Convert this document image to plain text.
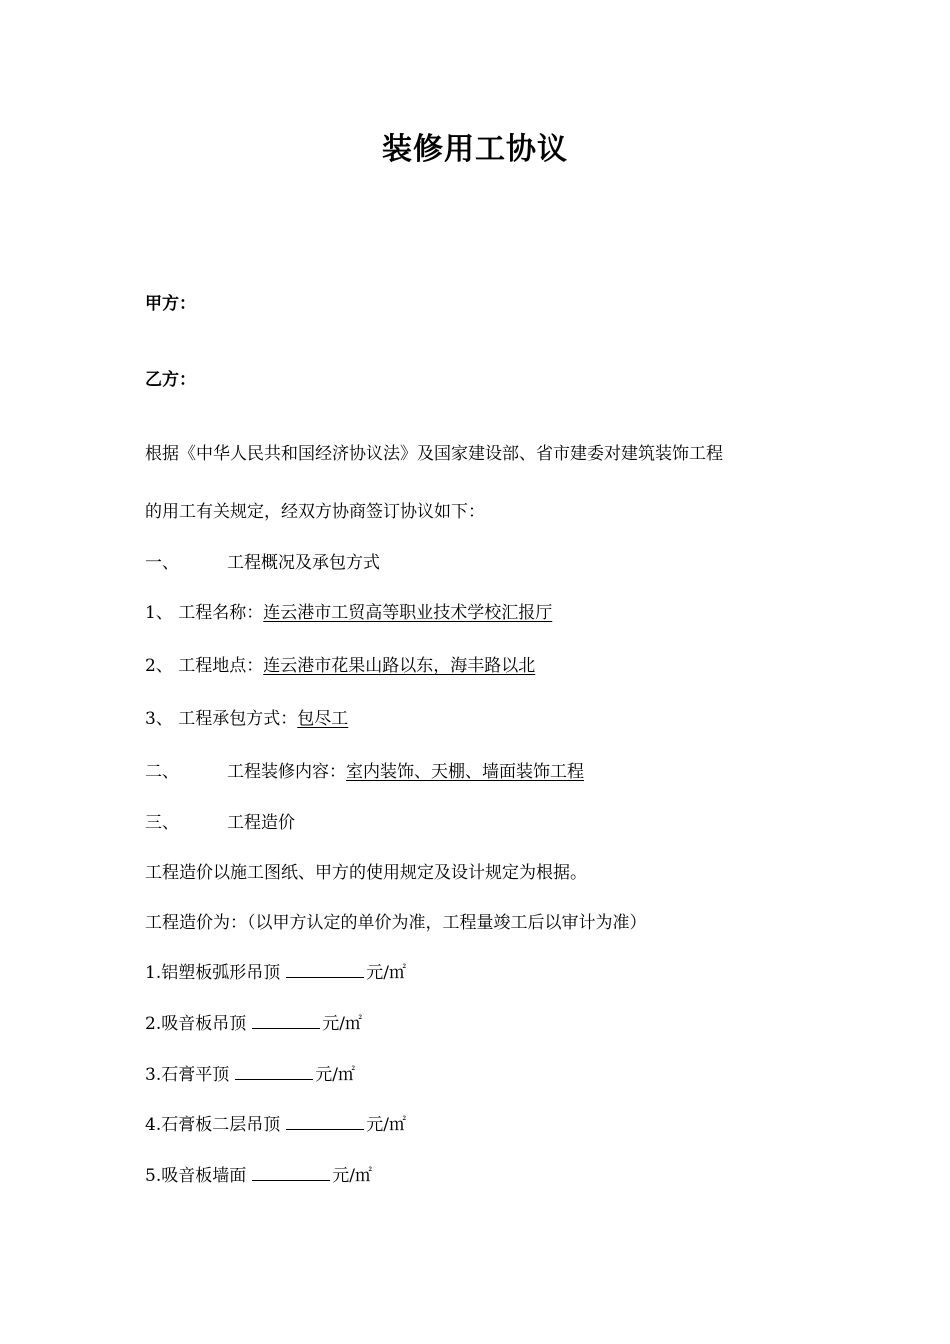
装修用工协议
甲方：
乙方：
根据《中华人民共和国经济协议法》及国家建设部、省市建委对建筑装饰工程
的用工有关规定，经双方协商签订协议如下：
一、	工程概况及承包方式
1、 工程名称：连云港市工贸高等职业技术学校汇报厅
2、 工程地点：连云港市花果山路以东，海丰路以北
3、 工程承包方式：包尽工
二、	工程装修内容：室内装饰、天棚、墙面装饰工程
三、	工程造价
工程造价以施工图纸、甲方的使用规定及设计规定为根据。
工程造价为：（以甲方认定的单价为准，工程量竣工后以审计为准）
1.铝塑板弧形吊顶	元/㎡
2.吸音板吊顶	元/㎡
3.石膏平顶	元/㎡
4.石膏板二层吊顶	元/㎡
5.吸音板墙面	元/㎡
